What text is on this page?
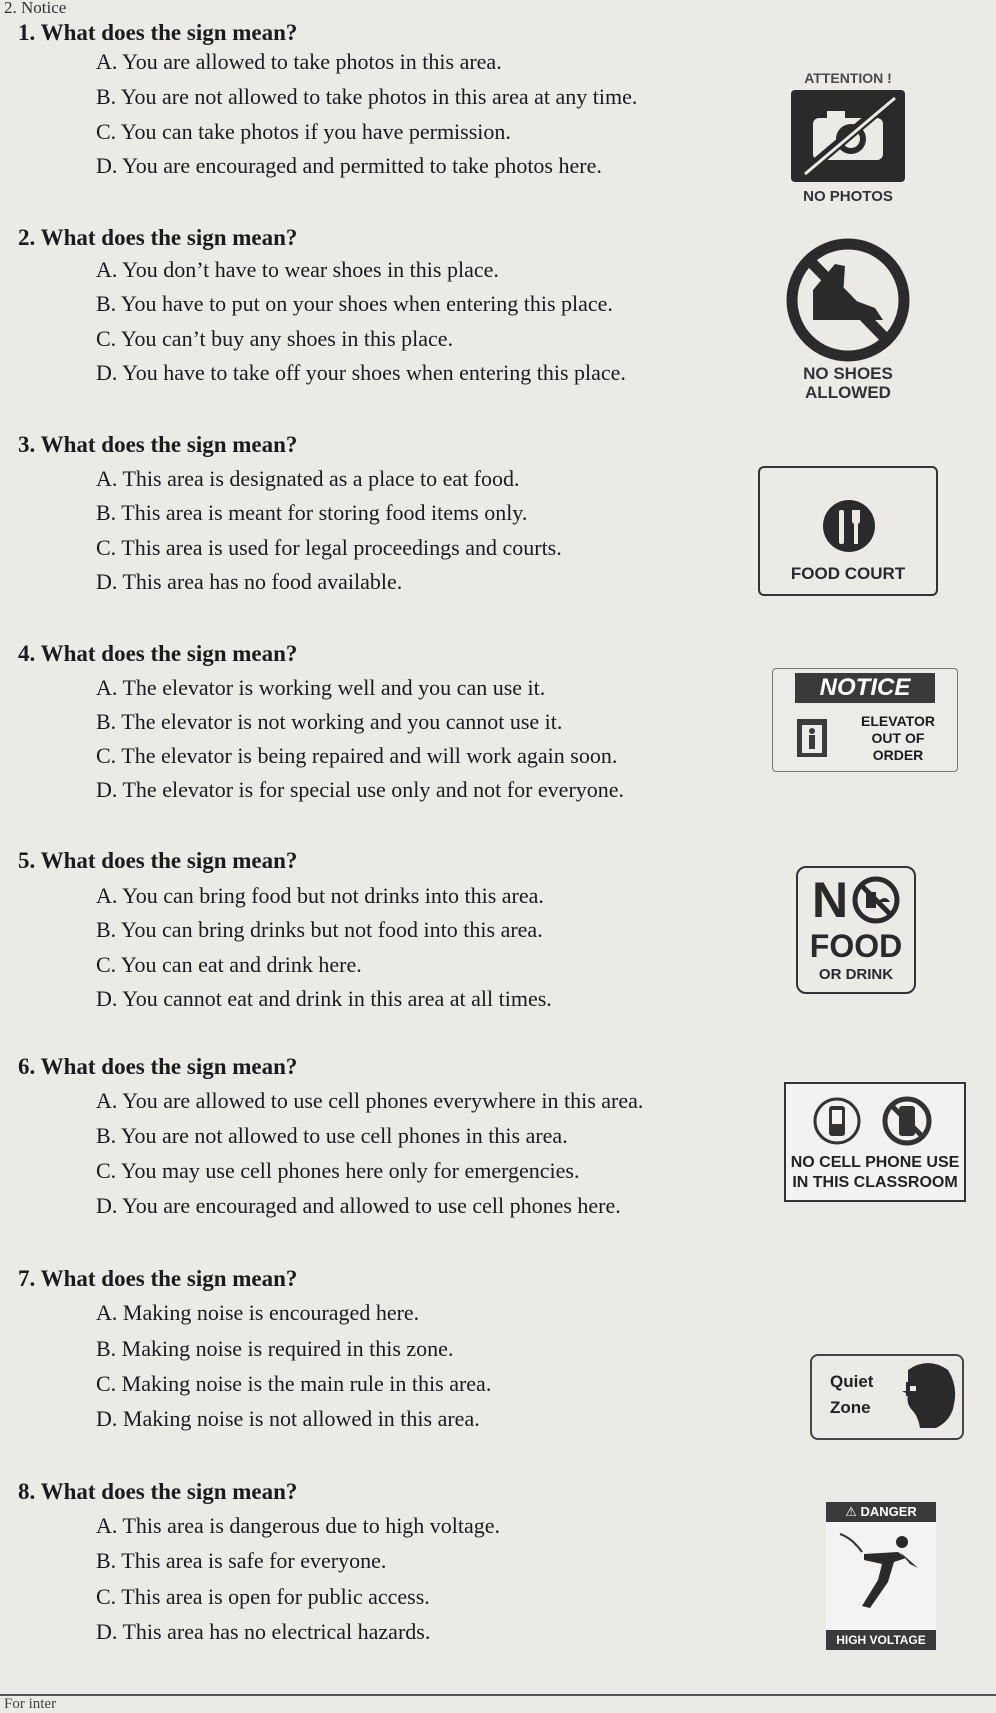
2. Notice
1. What does the sign mean?
A. You are allowed to take photos in this area.
B. You are not allowed to take photos in this area at any time.
C. You can take photos if you have permission.
D. You are encouraged and permitted to take photos here.
ATTENTION !
NO PHOTOS
2. What does the sign mean?
A. You don’t have to wear shoes in this place.
B. You have to put on your shoes when entering this place.
C. You can’t buy any shoes in this place.
D. You have to take off your shoes when entering this place.	NO SHOES
ALLOWED
3. What does the sign mean?
A. This area is designated as a place to eat food.
B. This area is meant for storing food items only.
C. This area is used for legal proceedings and courts.
D. This area has no food available.	FOOD COURT
4. What does the sign mean?
A. The elevator is working well and you can use it.
B. The elevator is not working and you cannot use it.
C. The elevator is being repaired and will work again soon.
D. The elevator is for special use only and not for everyone.
NOTICE
ELEVATOR
OUT OF
ORDER
5. What does the sign mean?
A. You can bring food but not drinks into this area.
B. You can bring drinks but not food into this area.
C. You can eat and drink here.
D. You cannot eat and drink in this area at all times.
N
FOOD
OR DRINK
6. What does the sign mean?
A. You are allowed to use cell phones everywhere in this area.
B. You are not allowed to use cell phones in this area.
C. You may use cell phones here only for emergencies.
D. You are encouraged and allowed to use cell phones here.
NO CELL PHONE USE
IN THIS CLASSROOM
7. What does the sign mean?
A. Making noise is encouraged here.
B. Making noise is required in this zone.
C. Making noise is the main rule in this area.
D. Making noise is not allowed in this area.
Quiet
Zone
8. What does the sign mean?
A. This area is dangerous due to high voltage.
B. This area is safe for everyone.
C. This area is open for public access.
D. This area has no electrical hazards.
⚠ DANGER
HIGH VOLTAGE
For inter
